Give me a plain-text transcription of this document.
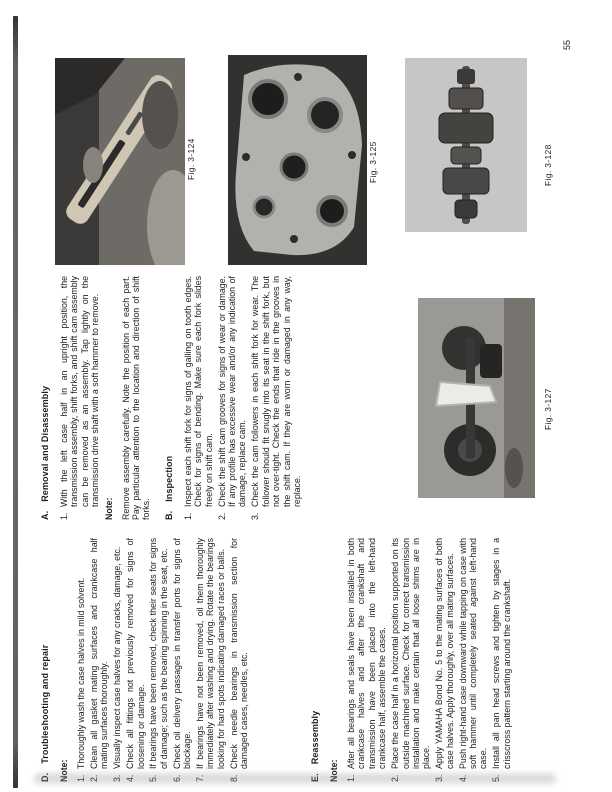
D.
Troubleshooting and repair
Note: 1.

Thoroughly wash the case halves in mild solvent.

2.

Clean all gasket mating surfaces and crankcase half mating surfaces thoroughly.

3.

Visually inspect case halves for any cracks, damage, etc.

4.

Check all fittings not previously removed for signs of loosening or damage.

5.

If bearings have been removed, check their seats for signs of damage; such as the bearing spinning in the seat, etc.

6.

Check oil delivery passages in transfer ports for signs of blockage.

7.

If bearings have not been removed, oil them thoroughly immediately after washing and drying. Rotate the bearings looking for hard spots indicating damaged races or balls.

8.

Check needle bearings in transmission section for damaged cases, needles, etc.

E.
Reassembly
Note: 1.

After all bearings and seals have been installed in both crankcase halves and after the crankshaft and transmission have been placed into the left-hand crankcase half, assemble the cases.

2.

Place the case half in a horizontal position supported on its outside machined surface. Check for correct transmission installation and make certain that all loose shims are in place.

3.

Apply YAMAHA Bond No. 5 to the mating surfaces of both case halves. Apply thoroughly, over all mating surfaces.

4.

Push right-hand case downward while tapping on case with soft hammer until completely seated against left-hand case.

5.

Install all pan head screws and tighten by stages in a crisscross pattern starting around the crankshaft.

A.
Removal and Disassembly
1.

With the left case half in an upright position, the transmission assembly, shift forks, and shift cam assembly can be removed as an assembly. Tap lightly on the transmission drive shaft with a soft hammer to remove.

Note: Remove assembly carefully. Note the position of each part. Pay particular attention to the location and direction of shift forks. B.
Inspection
1.

Inspect each shift fork for signs of galling on tooth edges. Check for signs of bending. Make sure each fork slides freely on shift cam.

2.

Check the shift cam grooves for signs of wear or damage. If any profile has excessive wear and/or any indication of damage, replace cam.

3.

Check the cam followers in each shift fork for wear. The follower should fit snugly into its seat in the shift fork, but not over-tight. Check the ends that ride in the grooves in the shift cam. If they are worn or damaged in any way, replace.

Fig. 3-124	Fig. 3-125	Fig. 3-128
Fig. 3-127
55
